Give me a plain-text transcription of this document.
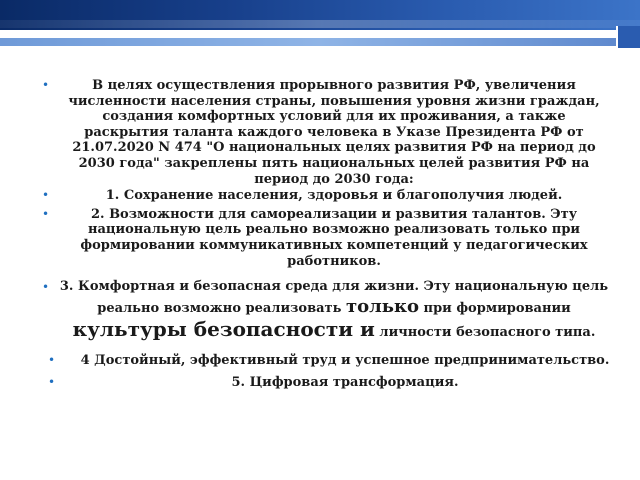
•	В целях осуществления прорывного развития РФ, увеличения численности населения страны, повышения уровня жизни граждан, создания комфортных условий для их проживания, а также раскрытия таланта каждого человека в Указе Президента РФ от 21.07.2020 N 474 "О национальных целях развития РФ на период до 2030 года" закреплены пять национальных целей развития РФ на период до 2030 года:

•	1. Сохранение населения, здоровья и благополучия людей.

•	2. Возможности для самореализации и развития талантов. Эту национальную цель реально возможно реализовать только при формировании коммуникативных компетенций у педагогических работников.

• 3. Комфортная и безопасная среда для жизни. Эту национальную цель реально возможно реализовать только при формировании культуры безопасности и личности безопасного типа.

• 4 Достойный, эффективный труд и успешное предпринимательство.

•	5. Цифровая трансформация.
